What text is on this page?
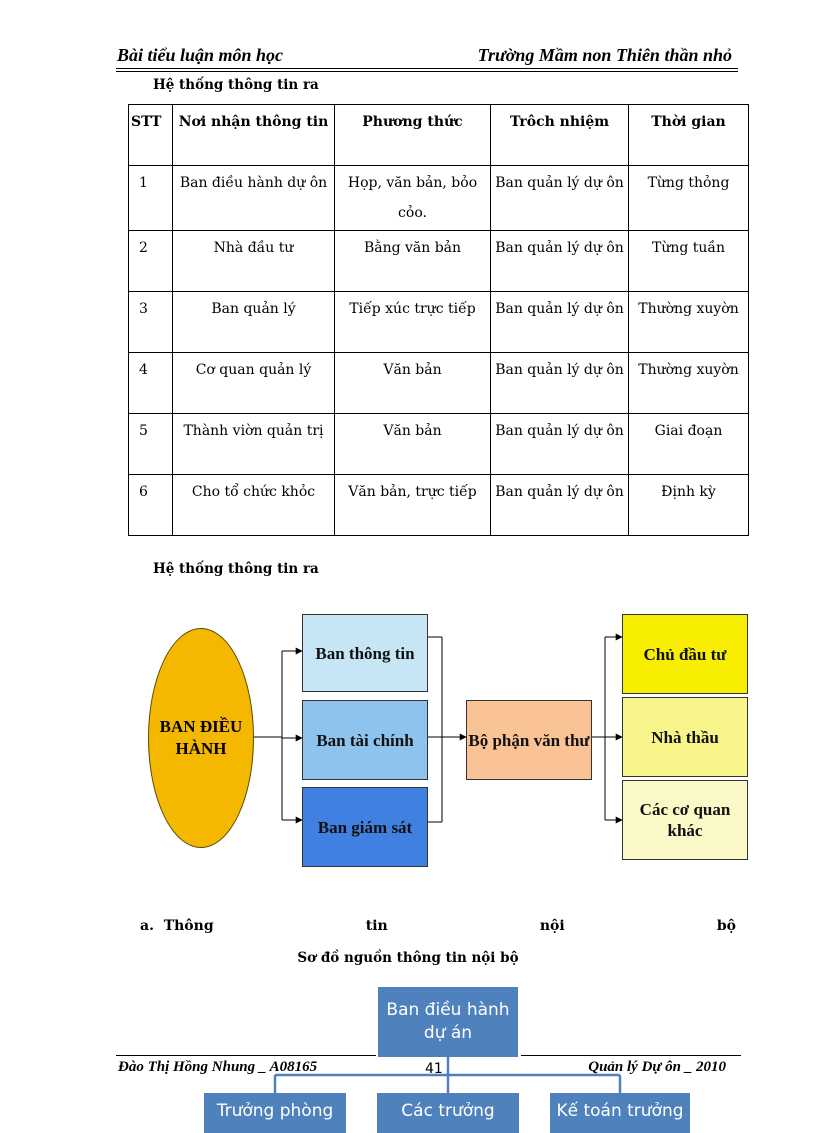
Bài tiểu luận môn học	Trường Mầm non Thiên thần nhỏ
Hệ thống thông tin ra
STT	Nơi nhận thông tin	Phương thức	Trôch nhiệm	Thời gian
1	Ban điều hành dự ôn	Họp, văn bản, bỏo cỏo.	Ban quản lý dự ôn	Từng thỏng
2	Nhà đầu tư	Bằng văn bản	Ban quản lý dự ôn	Từng tuần
3	Ban quản lý	Tiếp xúc trực tiếp	Ban quản lý dự ôn	Thường xuyờn
4	Cơ quan quản lý	Văn bản	Ban quản lý dự ôn	Thường xuyờn
5	Thành viờn quản trị	Văn bản	Ban quản lý dự ôn	Giai đoạn
6	Cho tổ chức khỏc	Văn bản, trực tiếp	Ban quản lý dự ôn	Định kỳ
Hệ thống thông tin ra
BAN ĐIỀU HÀNH
Ban thông tin
Ban tài chính
Ban giám sát
Bộ phận văn thư
Chủ đầu tư
Nhà thầu
Các cơ quan khác
a. Thông	tin	nội	bộ
Sơ đồ nguồn thông tin nội bộ
Ban điều hành dự án
Trưởng phòng	Các trưởng	Kế toán trưởng
Đào Thị Hồng Nhung _ A08165	41	Quản lý Dự ôn _ 2010
